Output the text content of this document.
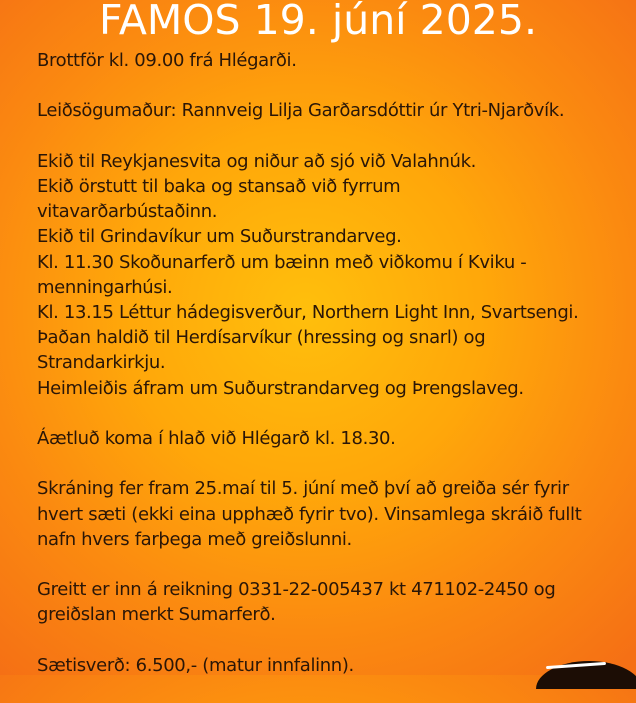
FAMOS 19. júní 2025.

Brottför kl. 09.00 frá Hlégarði.

Leiðsögumaður: Rannveig Lilja Garðarsdóttir úr Ytri-Njarðvík.

Ekið til Reykjanesvita og niður að sjó við Valahnúk.
Ekið örstutt til baka og stansað við fyrrum
vitavarðarbústaðinn.
Ekið til Grindavíkur um Suðurstrandarveg.
Kl. 11.30 Skoðunarferð um bæinn með viðkomu í Kviku -
menningarhúsi.
Kl. 13.15 Léttur hádegisverður, Northern Light Inn, Svartsengi.
Þaðan haldið til Herdísarvíkur (hressing og snarl) og
Strandarkirkju.
Heimleiðis áfram um Suðurstrandarveg og Þrengslaveg.

Áætluð koma í hlað við Hlégarð kl. 18.30.

Skráning fer fram 25.maí til 5. júní með því að greiða sér fyrir
hvert sæti (ekki eina upphæð fyrir tvo). Vinsamlega skráið fullt
nafn hvers farþega með greiðslunni.

Greitt er inn á reikning 0331-22-005437 kt 471102-2450 og
greiðslan merkt Sumarferð.

Sætisverð: 6.500,- (matur innfalinn).
